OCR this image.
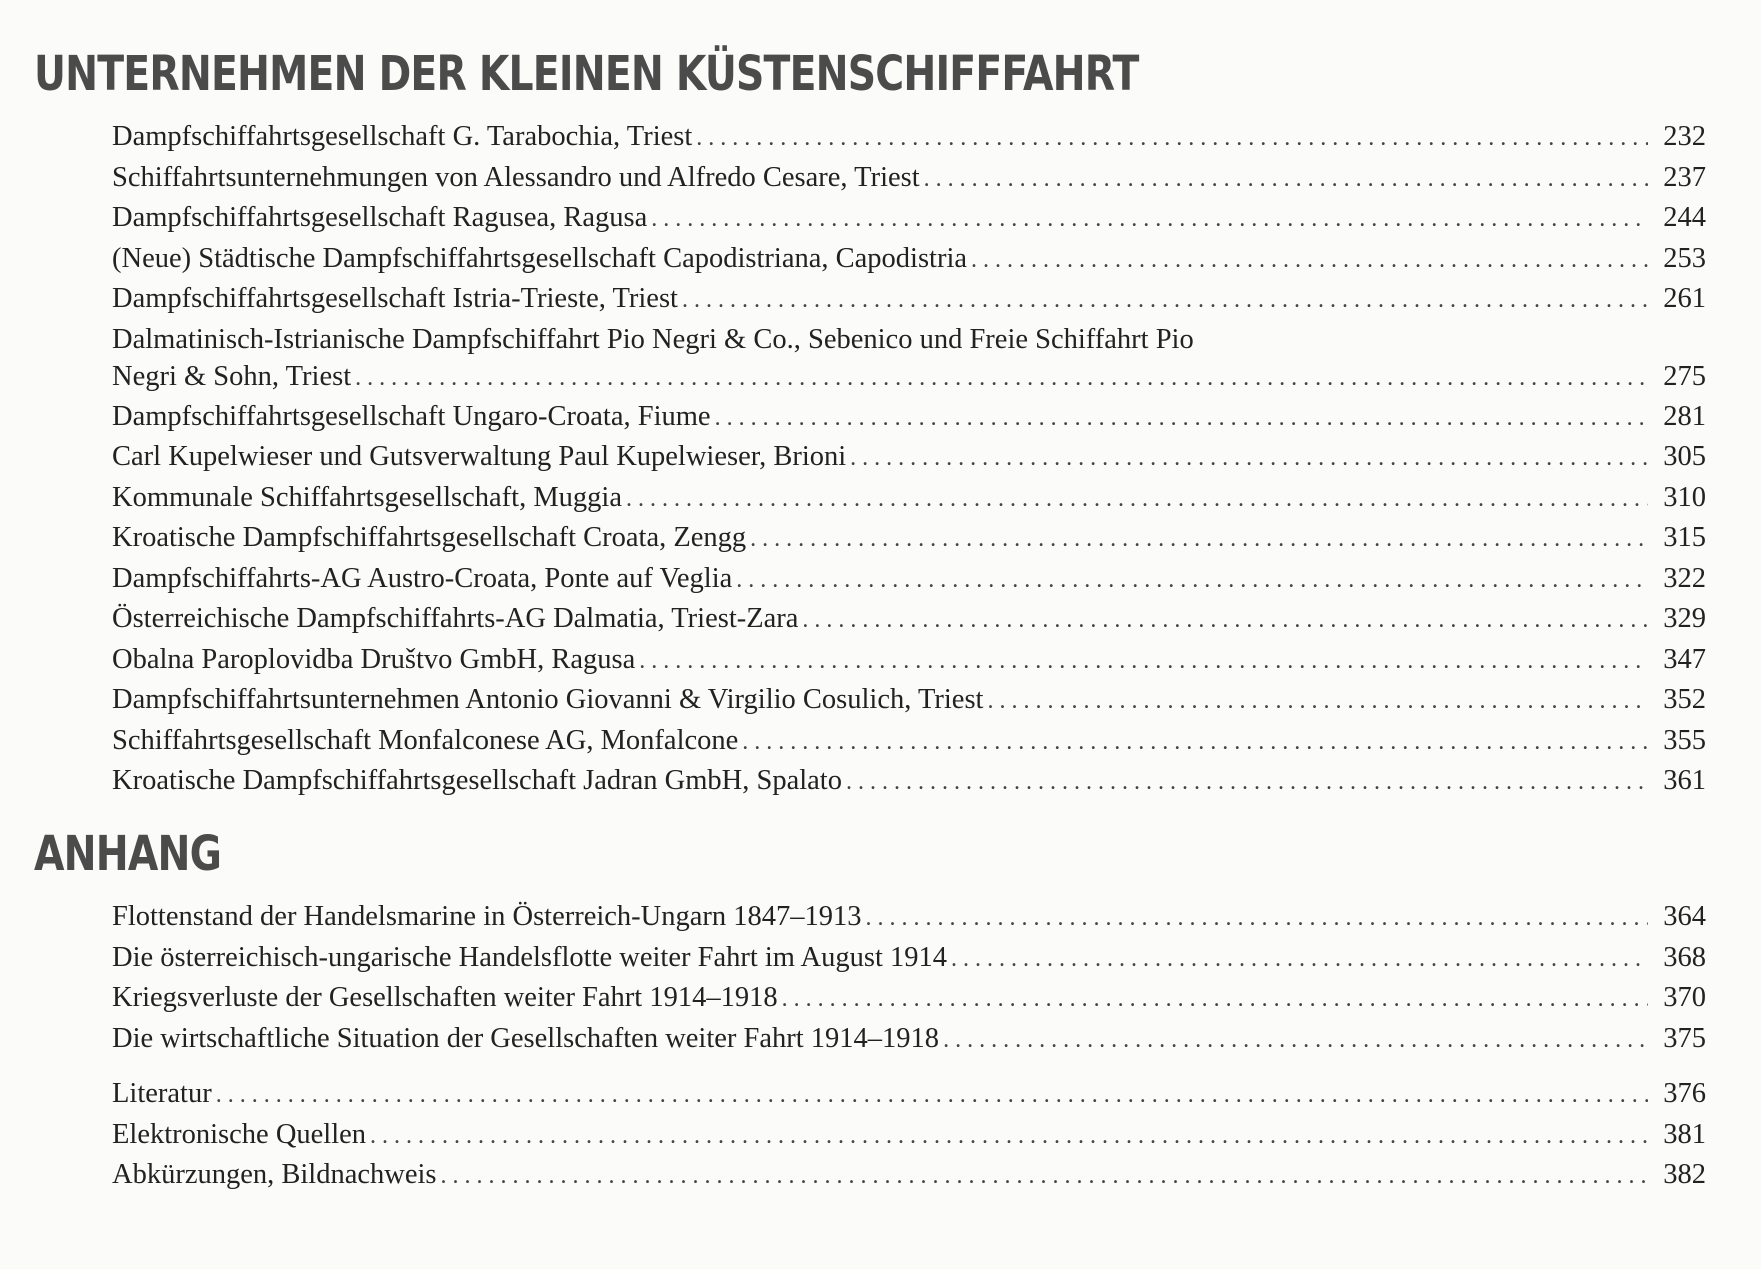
UNTERNEHMEN DER KLEINEN KÜSTENSCHIFFFAHRT
Dampfschiffahrtsgesellschaft G. Tarabochia, Triest . . .	232
Schiffahrtsunternehmungen von Alessandro und Alfredo Cesare, Triest . . .	237
Dampfschiffahrtsgesellschaft Ragusea, Ragusa . . .	244
(Neue) Städtische Dampfschiffahrtsgesellschaft Capodistriana, Capodistria . . .	253
Dampfschiffahrtsgesellschaft Istria-Trieste, Triest . . .	261
Dalmatinisch-Istrianische Dampfschiffahrt Pio Negri & Co., Sebenico und Freie Schiffahrt Pio
Negri & Sohn, Triest . . .	275
Dampfschiffahrtsgesellschaft Ungaro-Croata, Fiume . . .	281
Carl Kupelwieser und Gutsverwaltung Paul Kupelwieser, Brioni . . .	305
Kommunale Schiffahrtsgesellschaft, Muggia . . .	310
Kroatische Dampfschiffahrtsgesellschaft Croata, Zengg . . .	315
Dampfschiffahrts-AG Austro-Croata, Ponte auf Veglia . . .	322
Österreichische Dampfschiffahrts-AG Dalmatia, Triest-Zara . . .	329
Obalna Paroplovidba Društvo GmbH, Ragusa . . .	347
Dampfschiffahrtsunternehmen Antonio Giovanni & Virgilio Cosulich, Triest . . .	352
Schiffahrtsgesellschaft Monfalconese AG, Monfalcone . . .	355
Kroatische Dampfschiffahrtsgesellschaft Jadran GmbH, Spalato . . .	361
ANHANG
Flottenstand der Handelsmarine in Österreich-Ungarn 1847–1913 . . .	364
Die österreichisch-ungarische Handelsflotte weiter Fahrt im August 1914 . . .	368
Kriegsverluste der Gesellschaften weiter Fahrt 1914–1918 . . .	370
Die wirtschaftliche Situation der Gesellschaften weiter Fahrt 1914–1918 . . .	375
Literatur . . .	376
Elektronische Quellen . . .	381
Abkürzungen, Bildnachweis . . .	382
